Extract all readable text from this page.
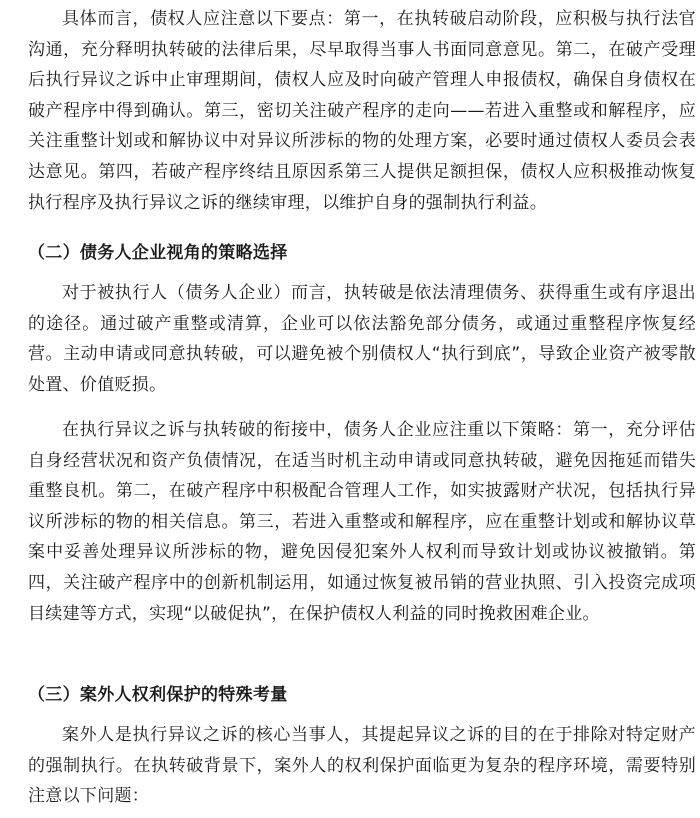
具体而言，债权人应注意以下要点：第一，在执转破启动阶段，应积极与执行法官沟通，充分释明执转破的法律后果，尽早取得当事人书面同意意见。第二，在破产受理后执行异议之诉中止审理期间，债权人应及时向破产管理人申报债权，确保自身债权在破产程序中得到确认。第三，密切关注破产程序的走向——若进入重整或和解程序，应关注重整计划或和解协议中对异议所涉标的物的处理方案，必要时通过债权人委员会表达意见。第四，若破产程序终结且原因系第三人提供足额担保，债权人应积极推动恢复执行程序及执行异议之诉的继续审理，以维护自身的强制执行利益。

（二）债务人企业视角的策略选择

对于被执行人（债务人企业）而言，执转破是依法清理债务、获得重生或有序退出的途径。通过破产重整或清算，企业可以依法豁免部分债务，或通过重整程序恢复经营。主动申请或同意执转破，可以避免被个别债权人“执行到底”，导致企业资产被零散处置、价值贬损。

在执行异议之诉与执转破的衔接中，债务人企业应注重以下策略：第一，充分评估自身经营状况和资产负债情况，在适当时机主动申请或同意执转破，避免因拖延而错失重整良机。第二，在破产程序中积极配合管理人工作，如实披露财产状况，包括执行异议所涉标的物的相关信息。第三，若进入重整或和解程序，应在重整计划或和解协议草案中妥善处理异议所涉标的物，避免因侵犯案外人权利而导致计划或协议被撤销。第四，关注破产程序中的创新机制运用，如通过恢复被吊销的营业执照、引入投资完成项目续建等方式，实现“以破促执”，在保护债权人利益的同时挽救困难企业。

（三）案外人权利保护的特殊考量

案外人是执行异议之诉的核心当事人，其提起异议之诉的目的在于排除对特定财产的强制执行。在执转破背景下，案外人的权利保护面临更为复杂的程序环境，需要特别注意以下问题：
